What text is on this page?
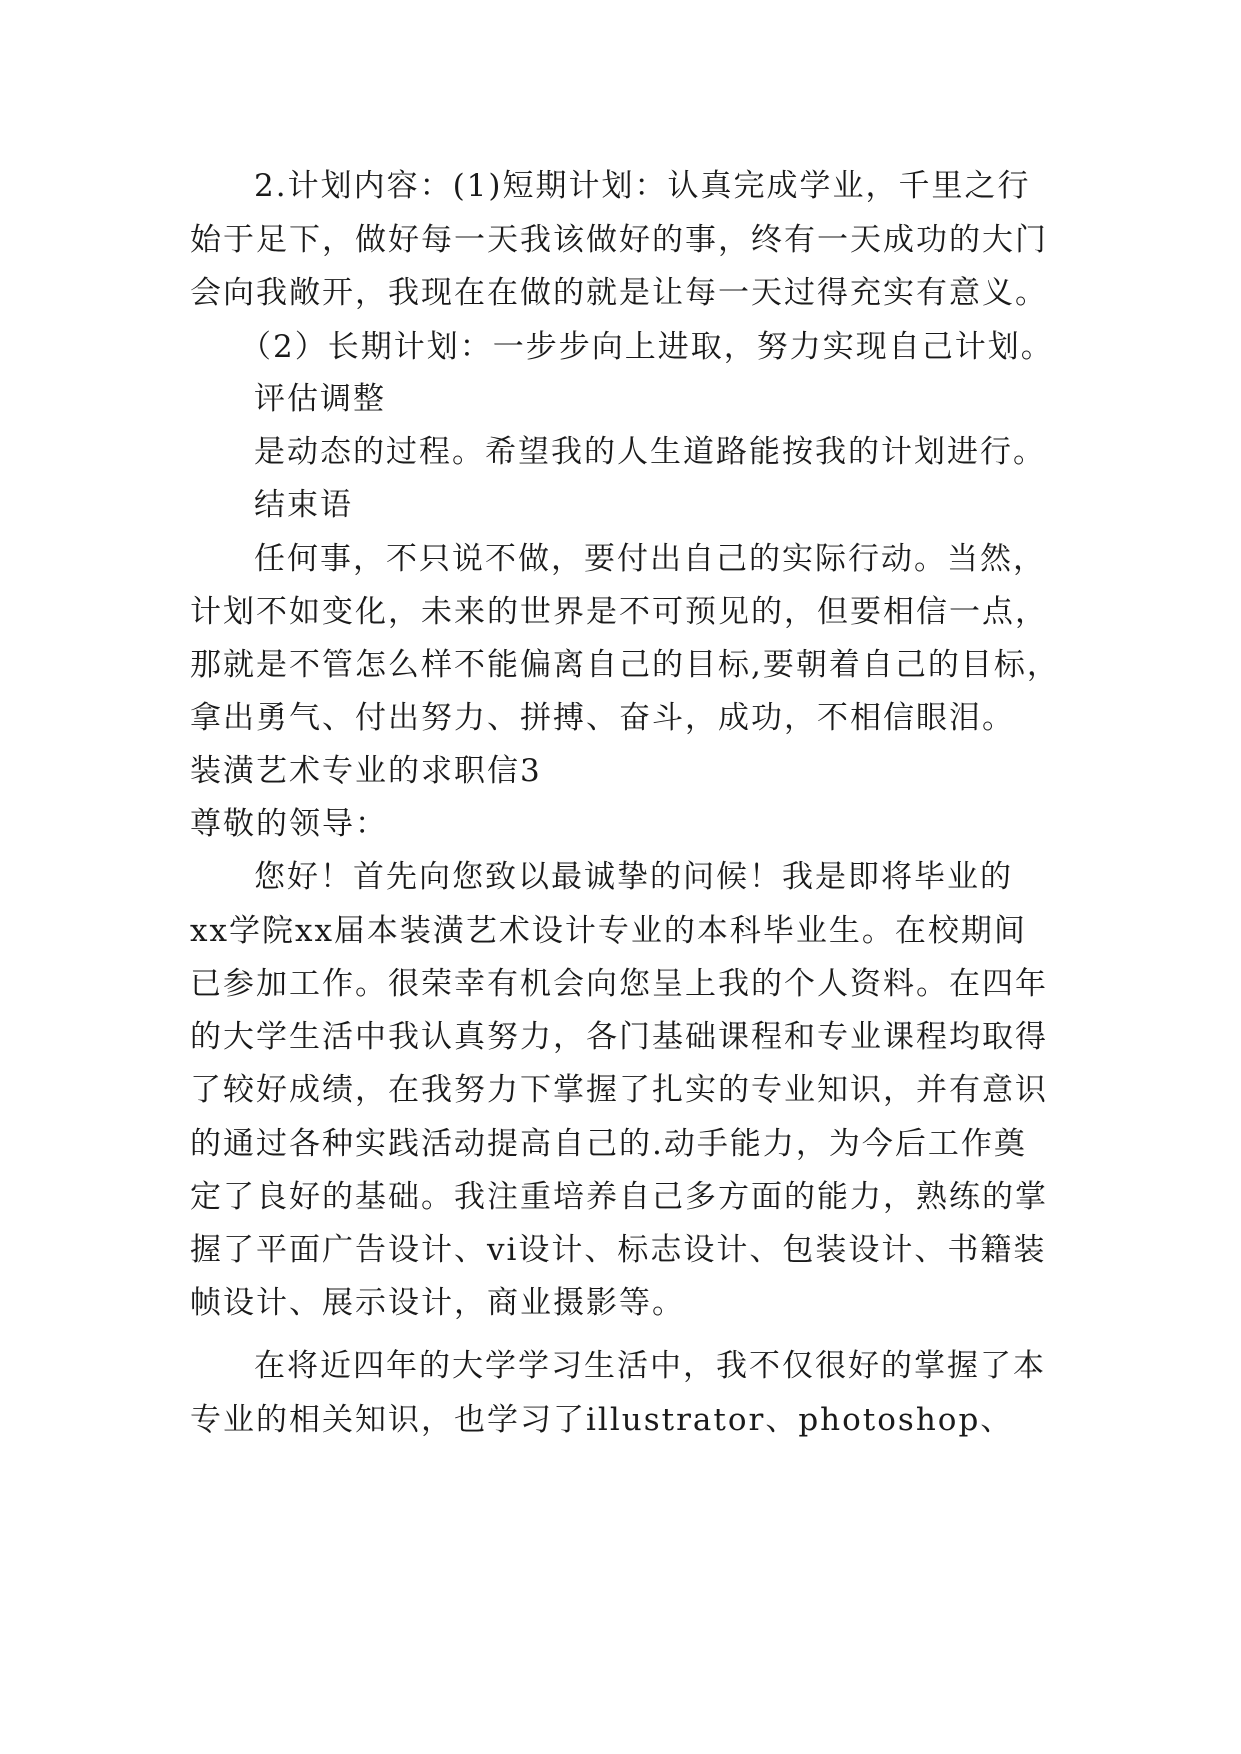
2.计划内容：(1)短期计划：认真完成学业，千里之行
始于足下，做好每一天我该做好的事，终有一天成功的大门
会向我敞开，我现在在做的就是让每一天过得充实有意义。
（2）长期计划：一步步向上进取，努力实现自己计划。
评估调整
是动态的过程。希望我的人生道路能按我的计划进行。
结束语
任何事，不只说不做，要付出自己的实际行动。当然，
计划不如变化，未来的世界是不可预见的，但要相信一点，
那就是不管怎么样不能偏离自己的目标,要朝着自己的目标，
拿出勇气、付出努力、拼搏、奋斗，成功，不相信眼泪。
装潢艺术专业的求职信3
尊敬的领导：
您好！首先向您致以最诚挚的问候！我是即将毕业的
xx学院xx届本装潢艺术设计专业的本科毕业生。在校期间
已参加工作。很荣幸有机会向您呈上我的个人资料。在四年
的大学生活中我认真努力，各门基础课程和专业课程均取得
了较好成绩，在我努力下掌握了扎实的专业知识，并有意识
的通过各种实践活动提高自己的.动手能力，为今后工作奠
定了良好的基础。我注重培养自己多方面的能力，熟练的掌
握了平面广告设计、vi设计、标志设计、包装设计、书籍装
帧设计、展示设计，商业摄影等。
在将近四年的大学学习生活中，我不仅很好的掌握了本
专业的相关知识，也学习了illustrator、photoshop、
